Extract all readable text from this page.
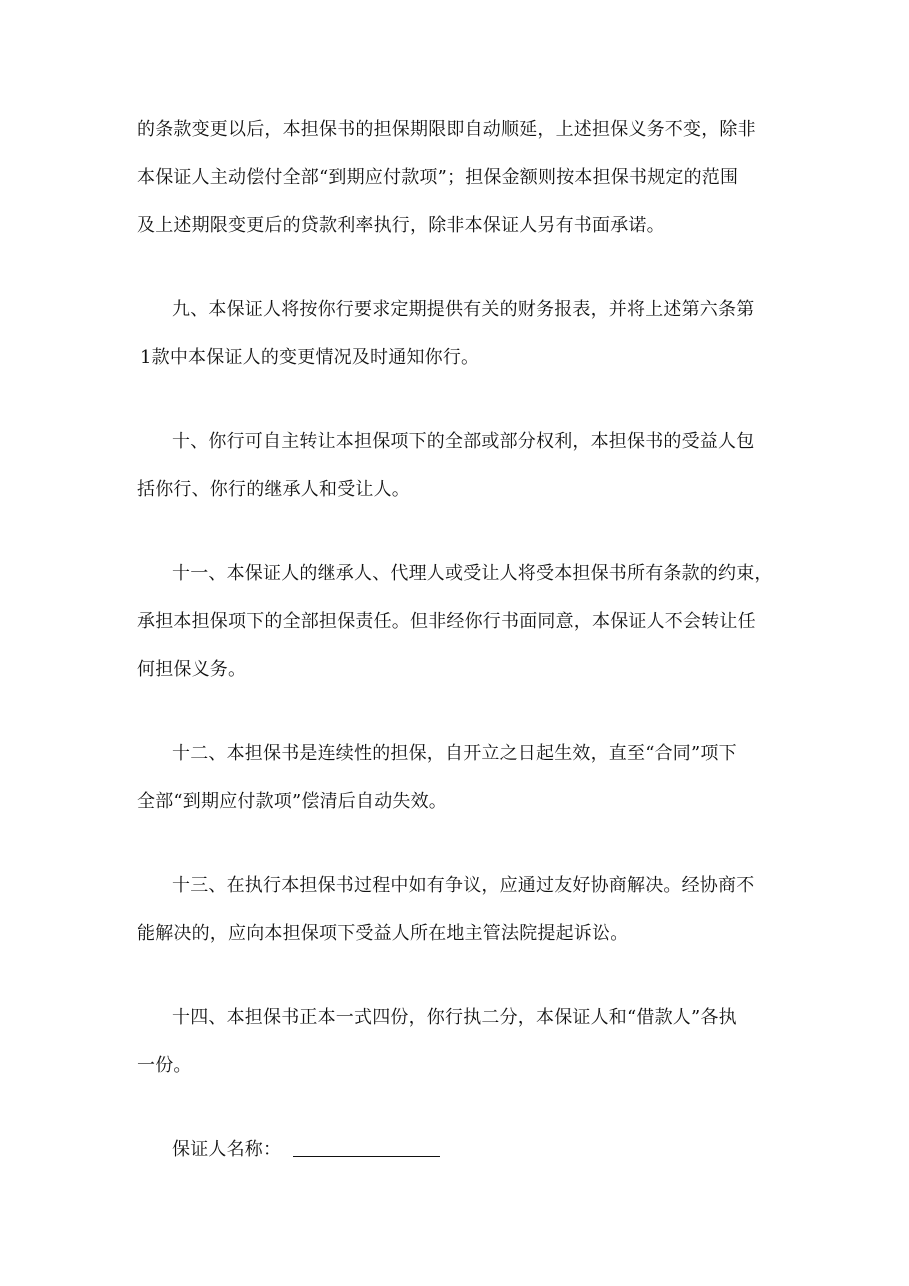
的条款变更以后，本担保书的担保期限即自动顺延，上述担保义务不变，除非
本保证人主动偿付全部“到期应付款项”；担保金额则按本担保书规定的范围
及上述期限变更后的贷款利率执行，除非本保证人另有书面承诺。
九、本保证人将按你行要求定期提供有关的财务报表，并将上述第六条第
1款中本保证人的变更情况及时通知你行。
十、你行可自主转让本担保项下的全部或部分权利，本担保书的受益人包
括你行、你行的继承人和受让人。
十一、本保证人的继承人、代理人或受让人将受本担保书所有条款的约束，
承担本担保项下的全部担保责任。但非经你行书面同意，本保证人不会转让任
何担保义务。
十二、本担保书是连续性的担保，自开立之日起生效，直至“合同”项下
全部“到期应付款项”偿清后自动失效。
十三、在执行本担保书过程中如有争议，应通过友好协商解决。经协商不
能解决的，应向本担保项下受益人所在地主管法院提起诉讼。
十四、本担保书正本一式四份，你行执二分，本保证人和“借款人”各执
一份。
保证人名称：
